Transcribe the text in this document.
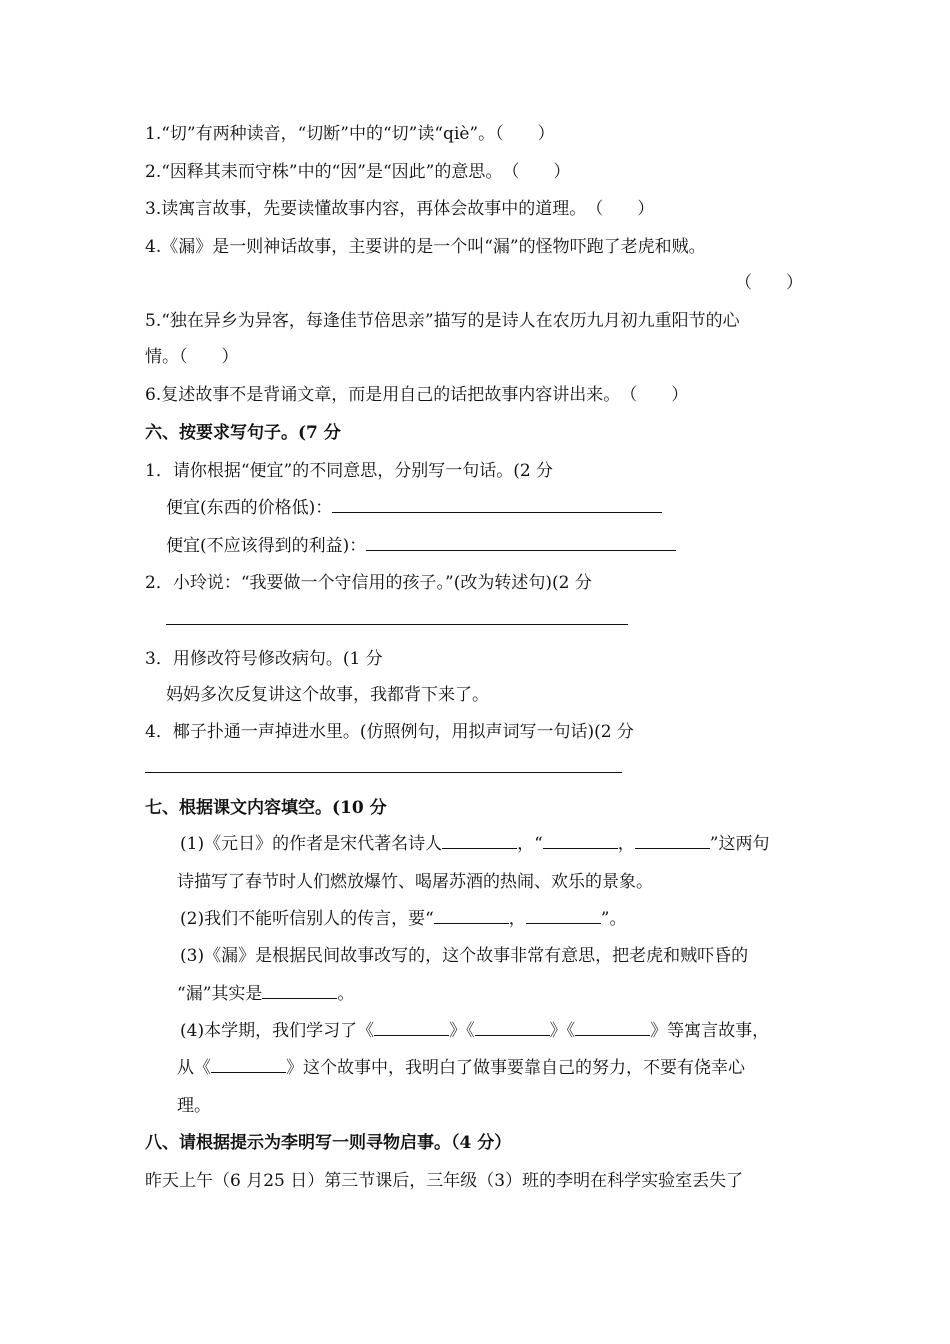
1.“切”有两种读音，“切断”中的“切”读“qiè”。（　　）
2.“因释其耒而守株”中的“因”是“因此”的意思。　（　　）
3.读寓言故事，先要读懂故事内容，再体会故事中的道理。　（　　）
4.《漏》是一则神话故事，主要讲的是一个叫“漏”的怪物吓跑了老虎和贼。
（　　）
5.“独在异乡为异客，每逢佳节倍思亲”描写的是诗人在农历九月初九重阳节的心
情。（　　）
6.复述故事不是背诵文章，而是用自己的话把故事内容讲出来。　（　　）
六、按要求写句子。(7 分
1．请你根据“便宜”的不同意思，分别写一句话。(2 分
便宜(东西的价格低)：
便宜(不应该得到的利益)：
2．小玲说：“我要做一个守信用的孩子。”(改为转述句)(2 分
3．用修改符号修改病句。(1 分
妈妈多次反复讲这个故事，我都背下来了。
4．椰子扑通一声掉进水里。(仿照例句，用拟声词写一句话)(2 分
七、根据课文内容填空。(10 分
(1)《元日》的作者是宋代著名诗人	，“	，	”这两句
诗描写了春节时人们燃放爆竹、喝屠苏酒的热闹、欢乐的景象。
(2)我们不能听信别人的传言，要“	，	”。
(3)《漏》是根据民间故事改写的，这个故事非常有意思，把老虎和贼吓昏的
“漏”其实是	。
(4)本学期，我们学习了《	》《	》《	》等寓言故事，
从《	》这个故事中，我明白了做事要靠自己的努力，不要有侥幸心
理。
八、请根据提示为李明写一则寻物启事。（4 分）
昨天上午（6 月25 日）第三节课后，三年级（3）班的李明在科学实验室丢失了
